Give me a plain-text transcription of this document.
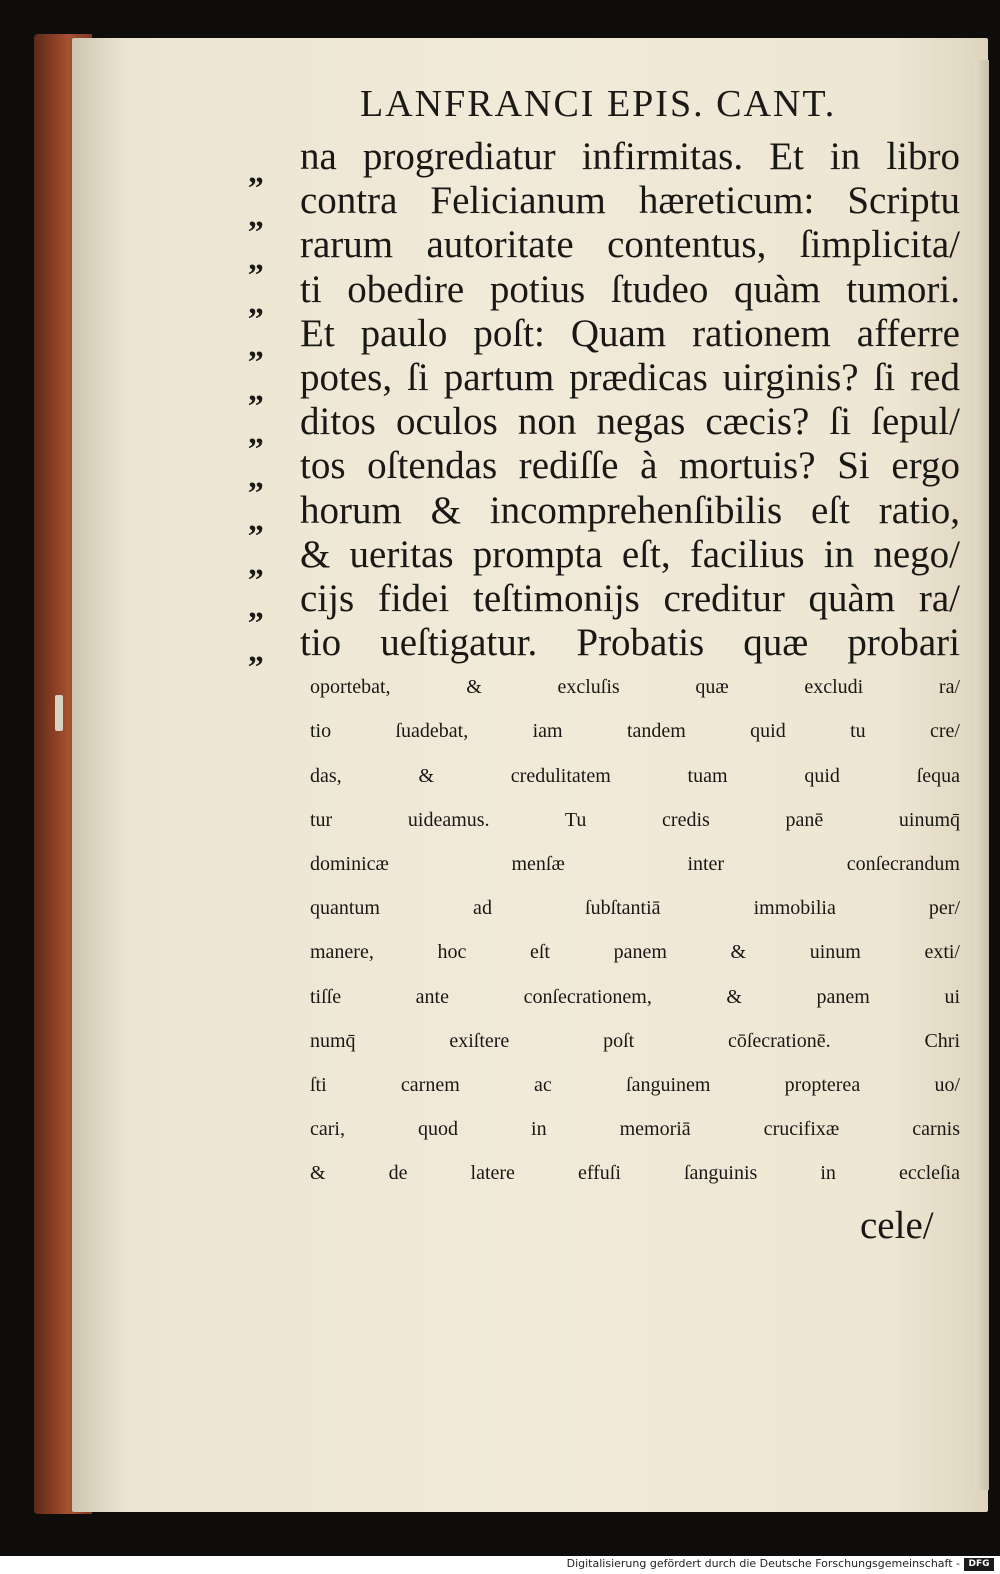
LANFRANCI EPIS. CANT.
„
„
„
„
„
„
„
„
„
„
„
„
na progrediatur infirmitas. Et in libro
contra Felicianum hæreticum: Scriptu
rarum autoritate contentus, ſimplicita/
ti obedire potius ſtudeo quàm tumori.
Et paulo poſt: Quam rationem afferre
potes, ſi partum prædicas uirginis? ſi red
ditos oculos non negas cæcis? ſi ſepul/
tos oſtendas rediſſe à mortuis? Si ergo
horum & incomprehenſibilis eſt ratio,
& ueritas prompta eſt, facilius in nego/
cijs fidei teſtimonijs creditur quàm ra/
tio ueſtigatur. Probatis quæ probari
oportebat, & excluſis quæ excludi ra/
tio ſuadebat, iam tandem quid tu cre/
das, & credulitatem tuam quid ſequa
tur uideamus. Tu credis panē uinumq̄
dominicæ menſæ inter conſecrandum
quantum ad ſubſtantiā immobilia per/
manere, hoc eſt panem & uinum exti/
tiſſe ante conſecrationem, & panem ui
numq̄ exiſtere poſt cōſecrationē. Chri
ſti carnem ac ſanguinem propterea uo/
cari, quod in memoriā crucifixæ carnis
& de latere effuſi ſanguinis in eccleſia
cele/
Digitalisierung gefördert durch die Deutsche Forschungsgemeinschaft - DFG
